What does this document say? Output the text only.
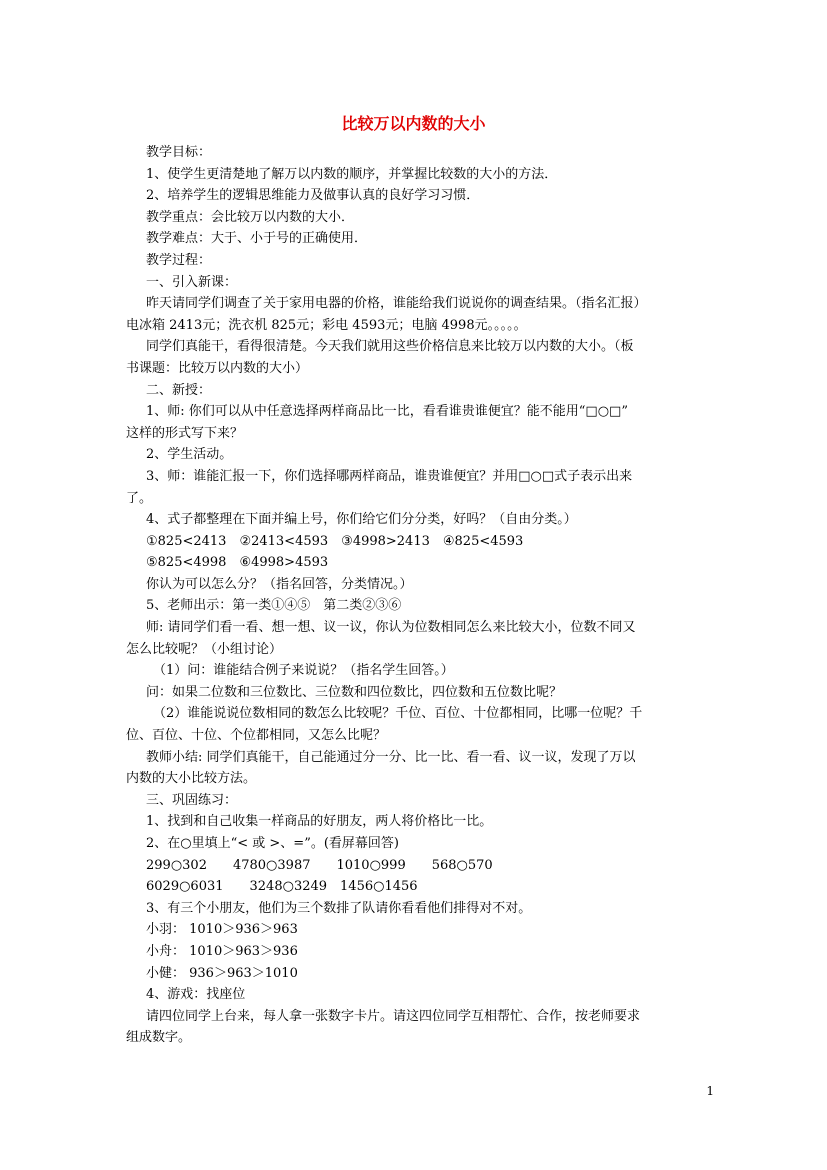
比较万以内数的大小

教学目标：

1、使学生更清楚地了解万以内数的顺序，并掌握比较数的大小的方法．

2、培养学生的逻辑思维能力及做事认真的良好学习习惯．

教学重点：会比较万以内数的大小．

教学难点：大于、小于号的正确使用．

教学过程：

一、引入新课：

昨天请同学们调查了关于家用电器的价格，谁能给我们说说你的调查结果。（指名汇报）

电冰箱 2413元；洗衣机 825元；彩电 4593元；电脑 4998元。。。。。

同学们真能干，看得很清楚。今天我们就用这些价格信息来比较万以内数的大小。（板

书课题：比较万以内数的大小）

二、新授：

1、师: 你们可以从中任意选择两样商品比一比，看看谁贵谁便宜？能不能用“□○□”

这样的形式写下来？

2、学生活动。

3、师：谁能汇报一下，你们选择哪两样商品，谁贵谁便宜？并用□○□式子表示出来

了。

4、式子都整理在下面并编上号，你们给它们分分类，好吗？（自由分类。）

①825<2413　②2413<4593　③4998>2413　④825<4593

⑤825<4998　⑥4998>4593

你认为可以怎么分？（指名回答，分类情况。）

5、老师出示：第一类①④⑤　第二类②③⑥

师: 请同学们看一看、想一想、议一议，你认为位数相同怎么来比较大小，位数不同又

怎么比较呢？（小组讨论）

（1）问：谁能结合例子来说说？（指名学生回答。）

问：如果二位数和三位数比、三位数和四位数比，四位数和五位数比呢？

（2）谁能说说位数相同的数怎么比较呢？千位、百位、十位都相同，比哪一位呢？千

位、百位、十位、个位都相同，又怎么比呢？

教师小结: 同学们真能干，自己能通过分一分、比一比、看一看、议一议，发现了万以

内数的大小比较方法。

三、巩固练习：

1、找到和自己收集一样商品的好朋友，两人将价格比一比。

2、在○里填上“< 或 >、=”。(看屏幕回答)

299○302　　4780○3987　　1010○999　　568○570

6029○6031　　3248○3249　1456○1456

3、有三个小朋友，他们为三个数排了队请你看看他们排得对不对。

小羽： 1010＞936＞963

小舟： 1010＞963＞936

小健： 936＞963＞1010

4、游戏：找座位

请四位同学上台来，每人拿一张数字卡片。请这四位同学互相帮忙、合作，按老师要求

组成数字。

1
